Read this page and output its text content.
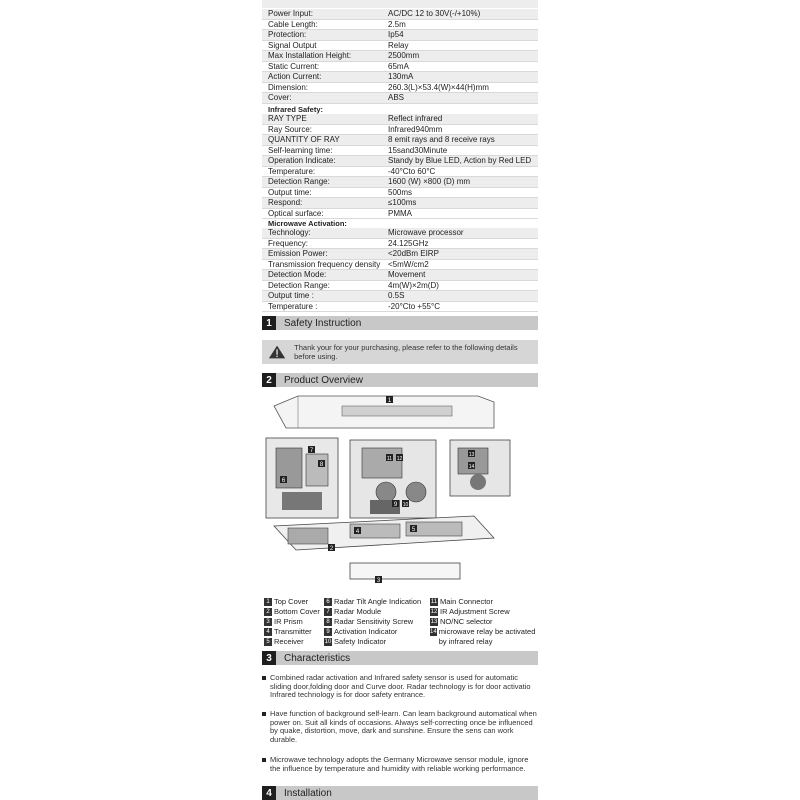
Power Input:	AC/DC 12 to 30V(-/+10%)
Cable Length:	2.5m
Protection:	Ip54
Signal Output	Relay
Max Installation Height:	2500mm
Static Current:	65mA
Action Current:	130mA
Dimension:	260.3(L)×53.4(W)×44(H)mm
Cover:	ABS
Infrared Safety:
RAY TYPE	Reflect infrared
Ray Source:	Infrared940mm
QUANTITY OF RAY	8 emit rays and 8 receive rays
Self-learning time:	15sand30Minute
Operation Indicate:	Standy by Blue LED, Action by Red LED
Temperature:	-40°Cto 60°C
Detection Range:	1600 (W) ×800 (D) mm
Output time:	500ms
Respond:	≤100ms
Optical surface:	PMMA
Microwave Activation:
Technology:	Microwave processor
Frequency:	24.125GHz
Emission Power:	<20dBm EIRP
Transmission frequency density <5mW/cm2
Detection Mode:	Movement
Detection Range:	4m(W)×2m(D)
Output time :	0.5S
Temperature :	-20°Cto +55°C
1	Safety Instruction
Thank your for your purchasing, please refer to the following details before using.
2	Product Overview
1
2
3
4	5
6
7
8
9 10
11 12
13
14
1 Top Cover
2 Bottom Cover
3 IR Prism
4 Transmitter
5 Receiver
6 Radar Tilt Angle Indication
7 Radar Module
8 Radar Sensitivity Screw
9 Activation Indicator
10 Safety Indicator
11 Main Connector
12 IR Adjustment Screw
13 NO/NC selector
14 microwave relay be activated by infrared relay
3	Characteristics
Combined radar activation and Infrared safety sensor is used for automatic sliding door,folding door and Curve door. Radar technology is for door activatio Infrared technology is for door safety entrance.
Have function of background self-learn. Can learn background automatical when power on. Suit all kinds of occasions. Always self-correcting once be influenced by quake, distortion, move, dark and sunshine. Ensure the sens can work durable.
Microwave technology adopts the Germany Microwave sensor module, ignore the influence by temperature and humidity with reliable working performance.
4	Installation
